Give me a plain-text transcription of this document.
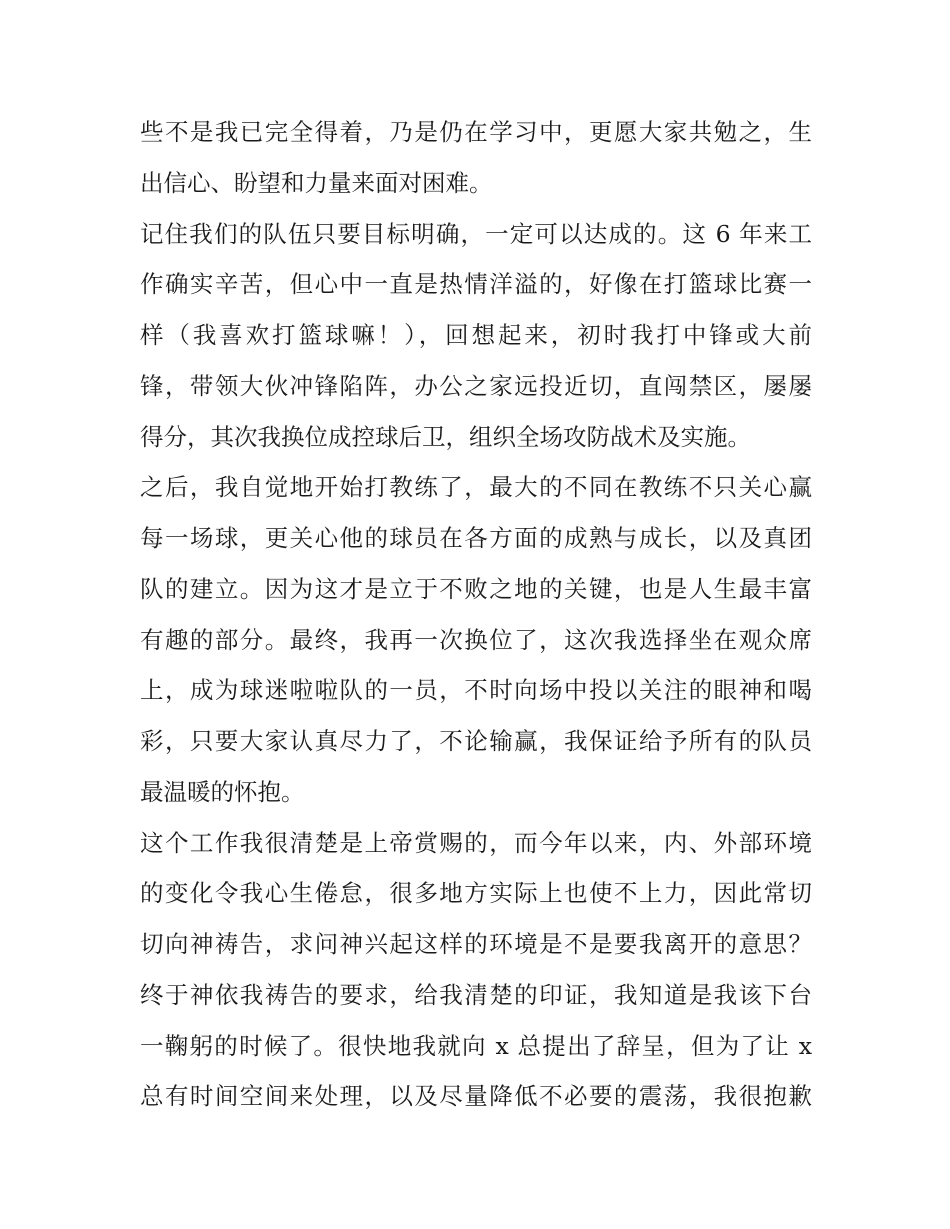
些不是我已完全得着，乃是仍在学习中，更愿大家共勉之，生
出信心、盼望和力量来面对困难。
记住我们的队伍只要目标明确，一定可以达成的。这 6 年来工
作确实辛苦，但心中一直是热情洋溢的，好像在打篮球比赛一
样（我喜欢打篮球嘛！），回想起来，初时我打中锋或大前
锋，带领大伙冲锋陷阵，办公之家远投近切，直闯禁区，屡屡
得分，其次我换位成控球后卫，组织全场攻防战术及实施。
之后，我自觉地开始打教练了，最大的不同在教练不只关心赢
每一场球，更关心他的球员在各方面的成熟与成长，以及真团
队的建立。因为这才是立于不败之地的关键，也是人生最丰富
有趣的部分。最终，我再一次换位了，这次我选择坐在观众席
上，成为球迷啦啦队的一员，不时向场中投以关注的眼神和喝
彩，只要大家认真尽力了，不论输赢，我保证给予所有的队员
最温暖的怀抱。
这个工作我很清楚是上帝赏赐的，而今年以来，内、外部环境
的变化令我心生倦怠，很多地方实际上也使不上力，因此常切
切向神祷告，求问神兴起这样的环境是不是要我离开的意思？
终于神依我祷告的要求，给我清楚的印证，我知道是我该下台
一鞠躬的时候了。很快地我就向 x 总提出了辞呈，但为了让 x
总有时间空间来处理，以及尽量降低不必要的震荡，我很抱歉
